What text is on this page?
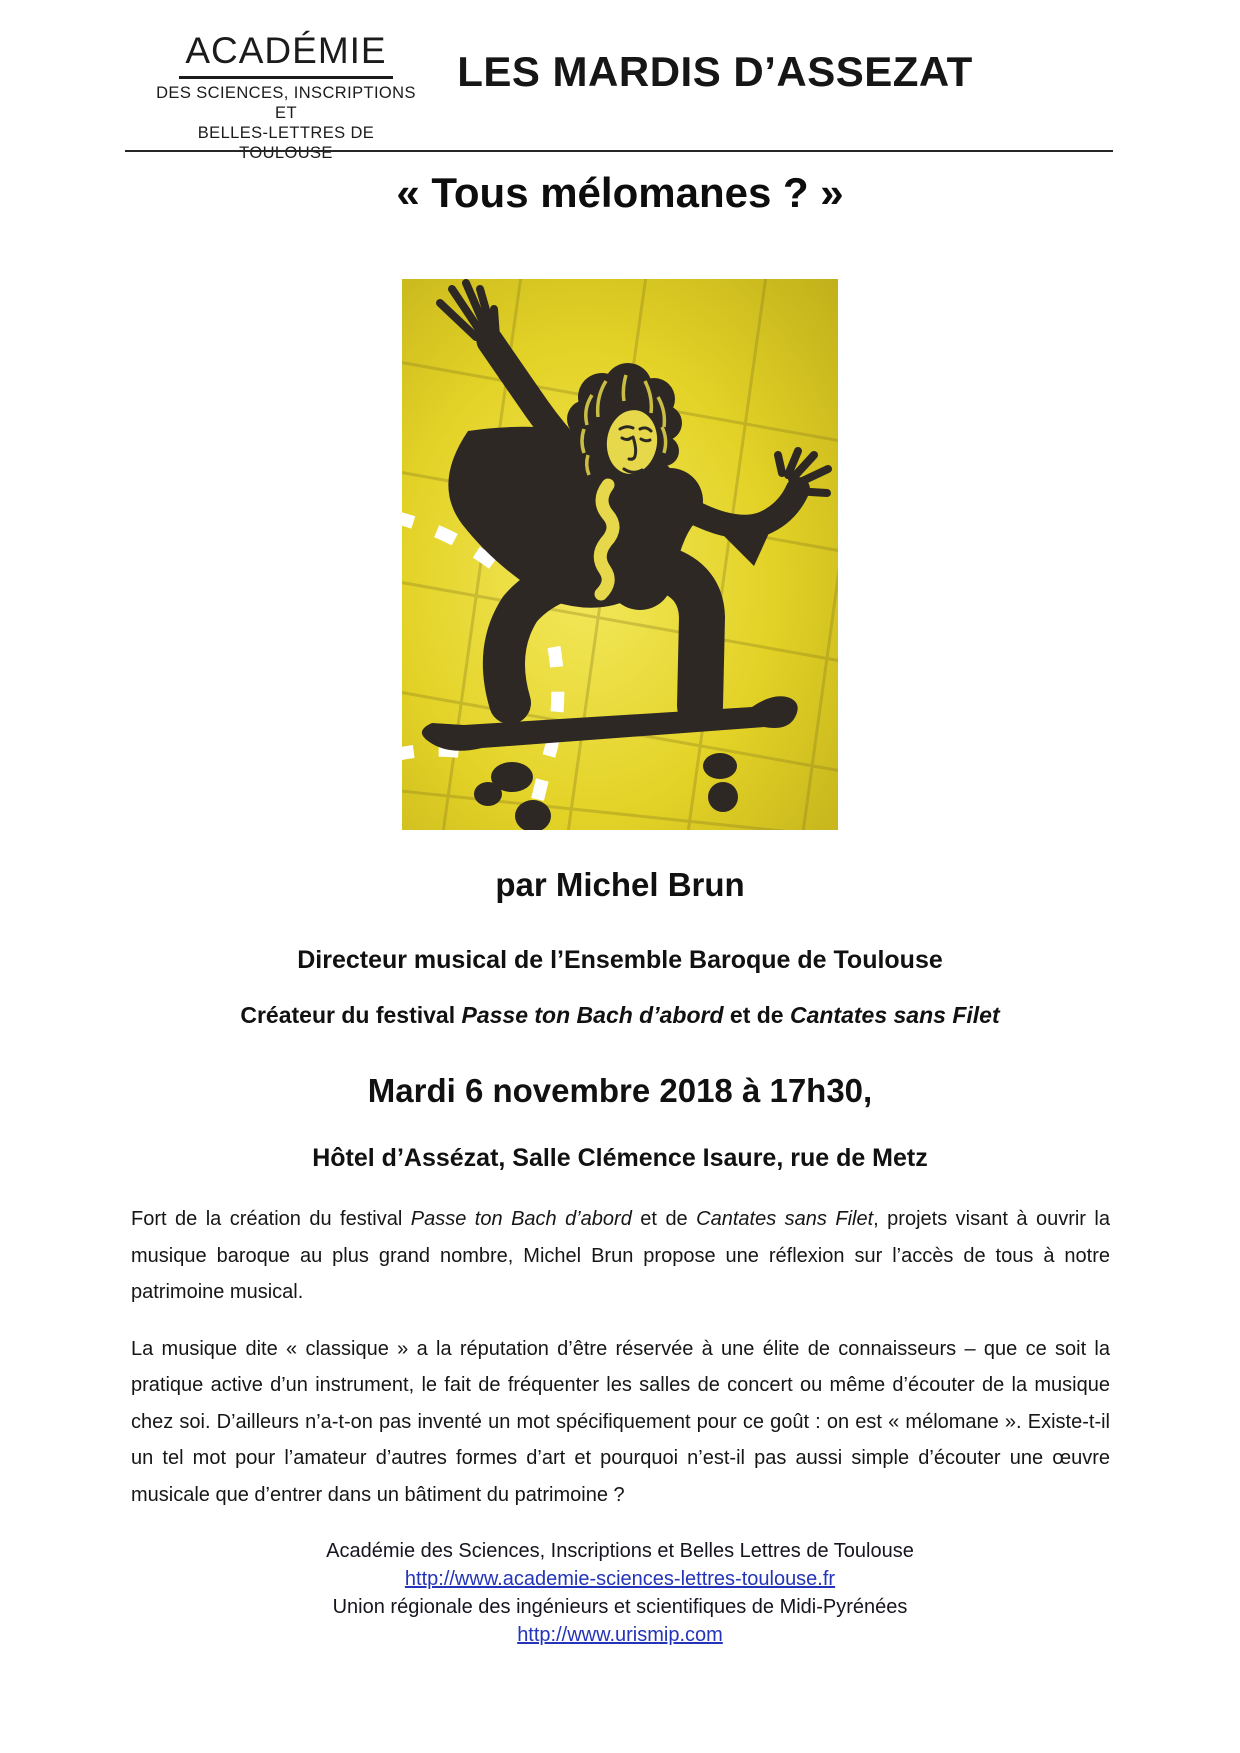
ACADÉMIE
DES SCIENCES, INSCRIPTIONS ET
BELLES-LETTRES DE TOULOUSE
LES MARDIS D’ASSEZAT
« Tous mélomanes ? »
par Michel Brun
Directeur musical de l’Ensemble Baroque de Toulouse
Créateur du festival Passe ton Bach d’abord et de Cantates sans Filet
Mardi 6 novembre 2018 à 17h30,
Hôtel d’Assézat, Salle Clémence Isaure, rue de Metz

Fort de la création du festival Passe ton Bach d’abord et de Cantates sans Filet, projets visant à ouvrir la musique baroque au plus grand nombre, Michel Brun propose une réflexion sur l’accès de tous à notre patrimoine musical.

La musique dite « classique » a la réputation d’être réservée à une élite de connaisseurs – que ce soit la pratique active d’un instrument, le fait de fréquenter les salles de concert ou même d’écouter de la musique chez soi. D’ailleurs n’a-t-on pas inventé un mot spécifiquement pour ce goût : on est « mélomane ». Existe-t-il un tel mot pour l’amateur d’autres formes d’art et pourquoi n’est-il pas aussi simple d’écouter une œuvre musicale que d’entrer dans un bâtiment du patrimoine ?

Académie des Sciences, Inscriptions et Belles Lettres de Toulouse
http://www.academie-sciences-lettres-toulouse.fr
Union régionale des ingénieurs et scientifiques de Midi-Pyrénées
http://www.urismip.com
